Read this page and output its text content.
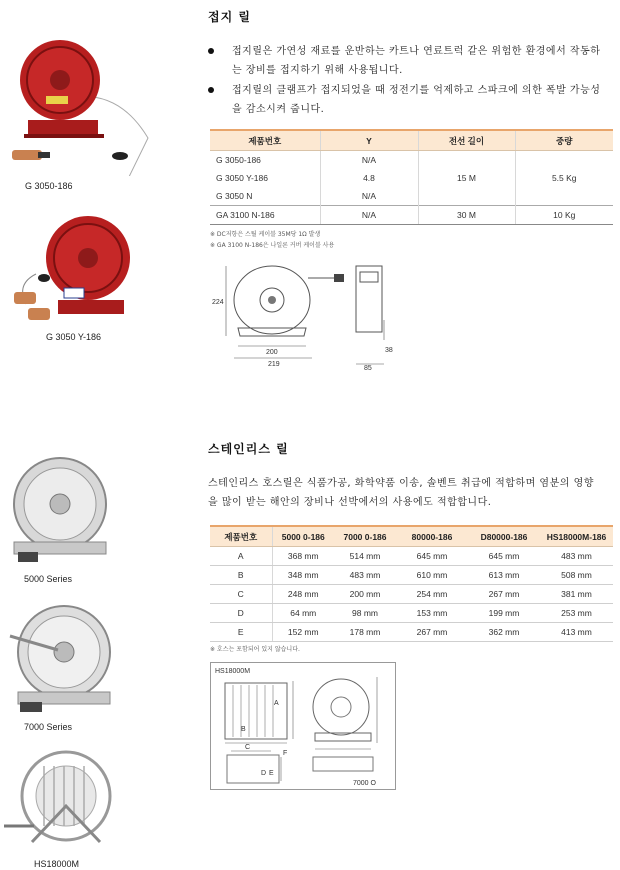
G 3050-186
G 3050 Y-186
접지 릴
접지릴은 가연성 재료를 운반하는 카트나 연료트럭 같은 위험한 환경에서 작동하는 장비를 접지하기 위해 사용됩니다.
접지릴의 클램프가 접지되었을 때 정전기를 억제하고 스파크에 의한 폭발 가능성을 감소시켜 줍니다.
제품번호	Y	전선 길이	중량
G 3050-186	N/A	15 M	5.5 Kg
G 3050 Y-186	4.8		
G 3050 N	N/A		
GA 3100 N-186	N/A	30 M	10 Kg
※ DC저항은 스틸 케이블 35M당 1Ω 발생
※ GA 3100 N-186은 나일론 커버 케이블 사용
224
200
219
38
85
5000 Series
7000 Series
HS18000M
스테인리스 릴
스테인리스 호스릴은 식품가공, 화학약품 이송, 솔벤트 취급에 적합하며 염분의 영향을 많이 받는 해안의 장비나 선박에서의 사용에도 적합합니다.
제품번호	5000 0-186	7000 0-186	80000-186	D80000-186	HS18000M-186
A	368 mm	514 mm	645 mm	645 mm	483 mm
B	348 mm	483 mm	610 mm	613 mm	508 mm
C	248 mm	200 mm	254 mm	267 mm	381 mm
D	64 mm	98 mm	153 mm	199 mm	253 mm
E	152 mm	178 mm	267 mm	362 mm	413 mm
※ 호스는 포함되어 있지 않습니다.
HS18000M
A
B
C
F
D E
7000 O
